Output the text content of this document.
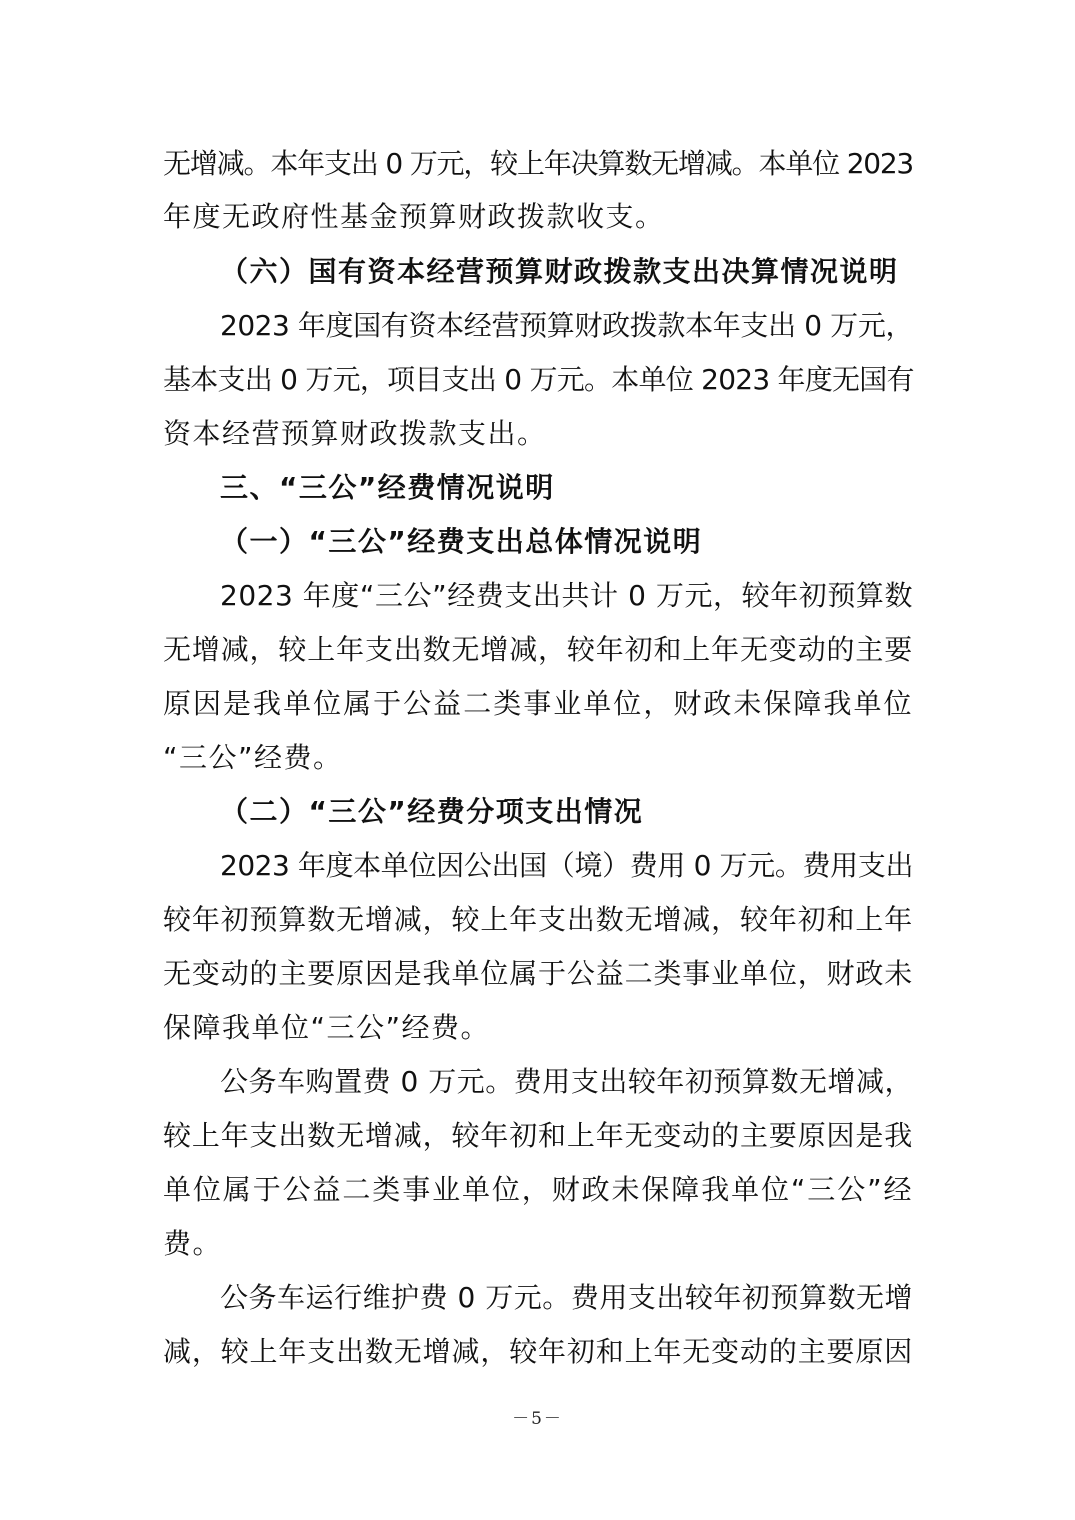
无增减。本年支出 0 万元，较上年决算数无增减。本单位 2023
年度无政府性基金预算财政拨款收支。
（六）国有资本经营预算财政拨款支出决算情况说明
2023 年度国有资本经营预算财政拨款本年支出 0 万元，
基本支出 0 万元，项目支出 0 万元。本单位 2023 年度无国有
资本经营预算财政拨款支出。
三、“三公”经费情况说明
（一）“三公”经费支出总体情况说明
2023 年度“三公”经费支出共计 0 万元，较年初预算数
无增减，较上年支出数无增减，较年初和上年无变动的主要
原因是我单位属于公益二类事业单位，财政未保障我单位
“三公”经费。
（二）“三公”经费分项支出情况
2023 年度本单位因公出国（境）费用 0 万元。费用支出
较年初预算数无增减，较上年支出数无增减，较年初和上年
无变动的主要原因是我单位属于公益二类事业单位，财政未
保障我单位“三公”经费。
公务车购置费 0 万元。费用支出较年初预算数无增减，
较上年支出数无增减，较年初和上年无变动的主要原因是我
单位属于公益二类事业单位，财政未保障我单位“三公”经
费。
公务车运行维护费 0 万元。费用支出较年初预算数无增
减，较上年支出数无增减，较年初和上年无变动的主要原因
－5－
